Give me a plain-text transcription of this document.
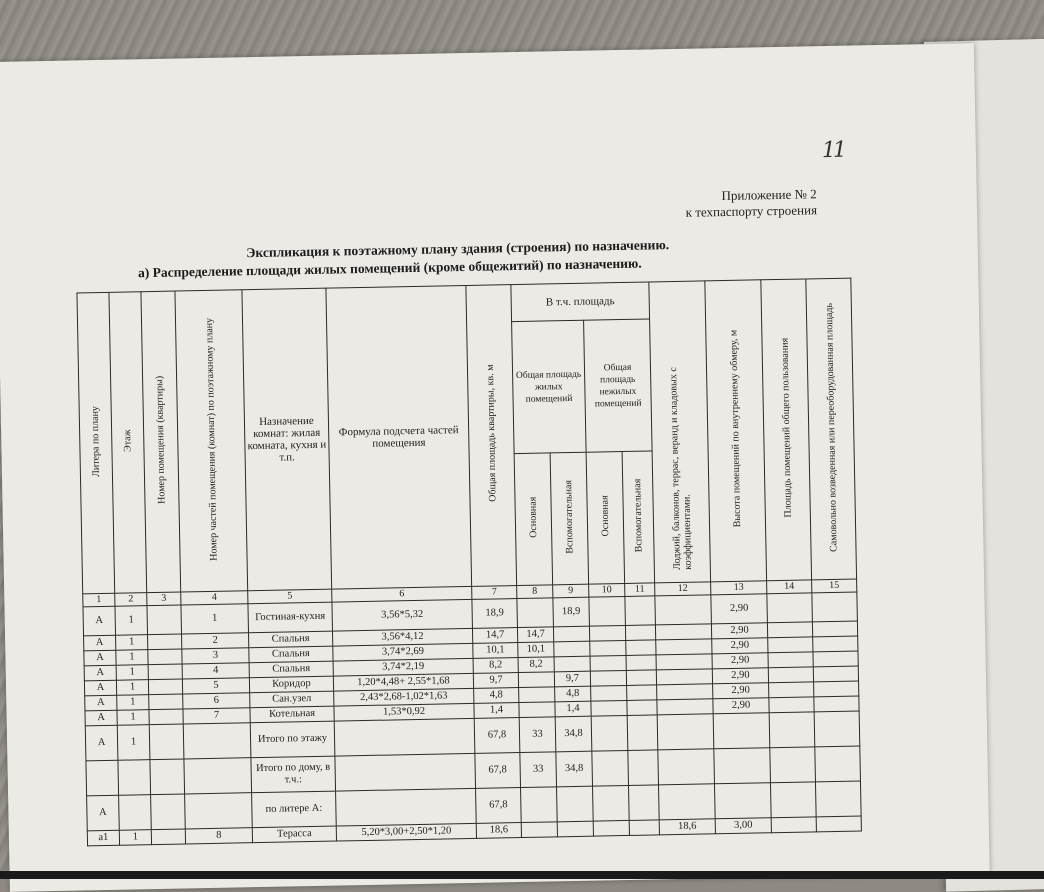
11
Приложение № 2
к техпаспорту строения
Экспликация к поэтажному плану здания (строения) по назначению.
а) Распределение площади жилых помещений (кроме общежитий) по назначению.
Литера по плану	Этаж	Номер помещения (квартиры)	Номер частей помещения (комнат) по поэтажному плану	Назначение комнат: жилая комната, кухня и т.п.	Формула подсчета частей помещения	Общая площадь квартиры, кв. м	В т.ч. площадь				Лоджий, балконов, террас, веранд и кладовых с коэффициентами.	Высота помещений по внутреннему обмеру, м	Площадь помещений общего пользования	Самовольно возведенная или переоборудованная площадь
							Общая площадь жилых помещений		Общая площадь нежилых помещений					
							Основная	Вспомогательная	Основная	Вспомогательная				
1	2	3	4	5	6	7	8	9	10	11	12	13	14	15
А	1		1	Гостиная-кухня	3,56*5,32	18,9		18,9				2,90		
А	1		2	Спальня	3,56*4,12	14,7	14,7					2,90		
А	1		3	Спальня	3,74*2,69	10,1	10,1					2,90		
А	1		4	Спальня	3,74*2,19	8,2	8,2					2,90		
А	1		5	Коридор	1,20*4,48+ 2,55*1,68	9,7		9,7				2,90		
А	1		6	Сан.узел	2,43*2,68-1,02*1,63	4,8		4,8				2,90		
А	1		7	Котельная	1,53*0,92	1,4		1,4				2,90		
А	1			Итого по этажу		67,8	33	34,8						
				Итого по дому, в т.ч.:		67,8	33	34,8						
А				по литере А:		67,8								
а1	1		8	Терасса	5,20*3,00+2,50*1,20	18,6					18,6	3,00		
